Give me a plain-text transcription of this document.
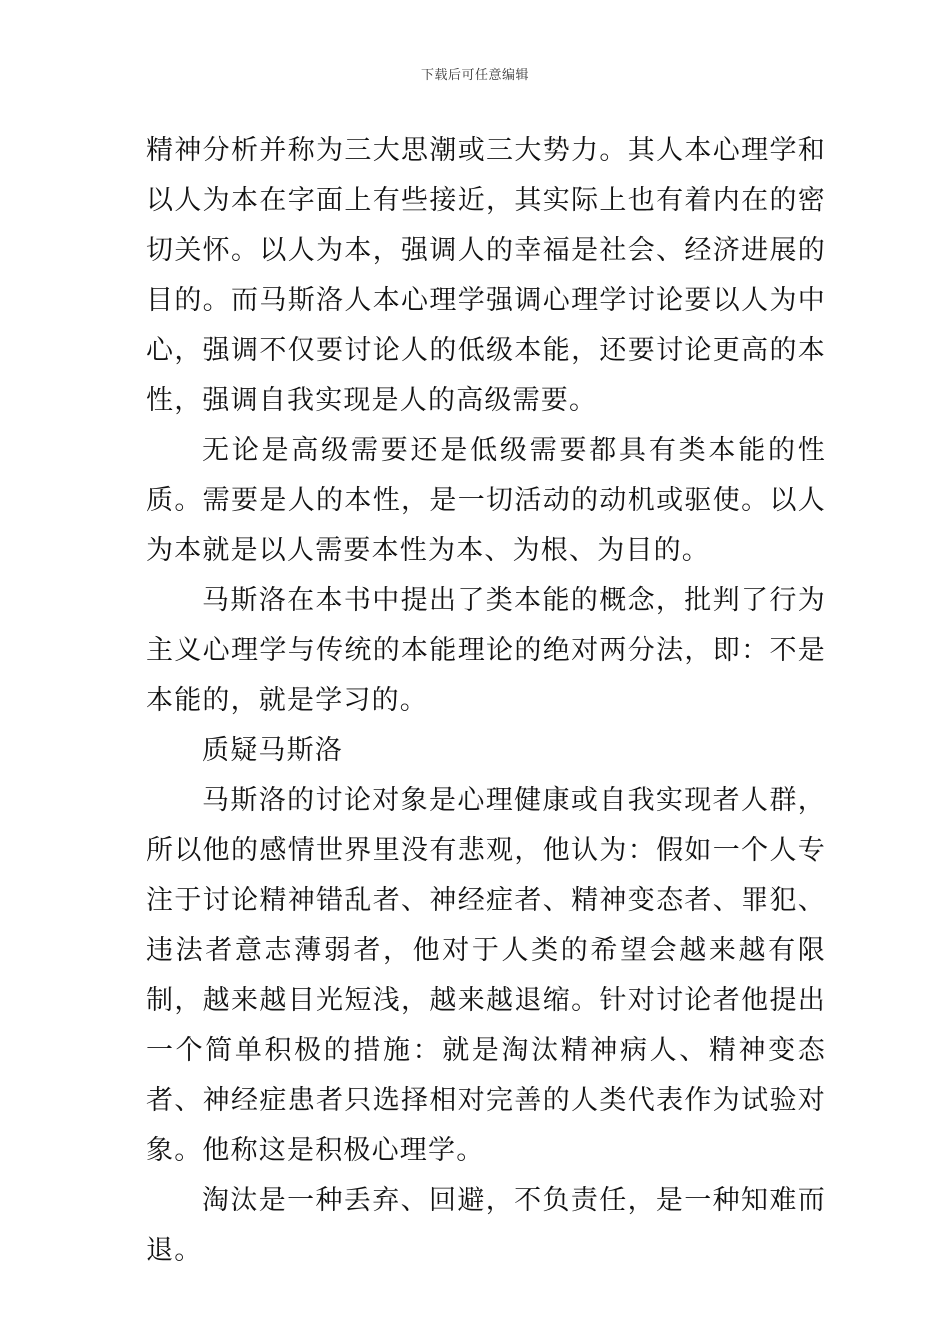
下载后可任意编辑

精神分析并称为三大思潮或三大势力。其人本心理学和以人为本在字面上有些接近，其实际上也有着内在的密切关怀。以人为本，强调人的幸福是社会、经济进展的目的。而马斯洛人本心理学强调心理学讨论要以人为中心，强调不仅要讨论人的低级本能，还要讨论更高的本性，强调自我实现是人的高级需要。

无论是高级需要还是低级需要都具有类本能的性质。需要是人的本性，是一切活动的动机或驱使。以人为本就是以人需要本性为本、为根、为目的。

马斯洛在本书中提出了类本能的概念，批判了行为主义心理学与传统的本能理论的绝对两分法，即：不是本能的，就是学习的。

质疑马斯洛

马斯洛的讨论对象是心理健康或自我实现者人群，所以他的感情世界里没有悲观，他认为：假如一个人专注于讨论精神错乱者、神经症者、精神变态者、罪犯、违法者意志薄弱者，他对于人类的希望会越来越有限制，越来越目光短浅，越来越退缩。针对讨论者他提出一个简单积极的措施：就是淘汰精神病人、精神变态者、神经症患者只选择相对完善的人类代表作为试验对象。他称这是积极心理学。

淘汰是一种丢弃、回避，不负责任，是一种知难而退。
